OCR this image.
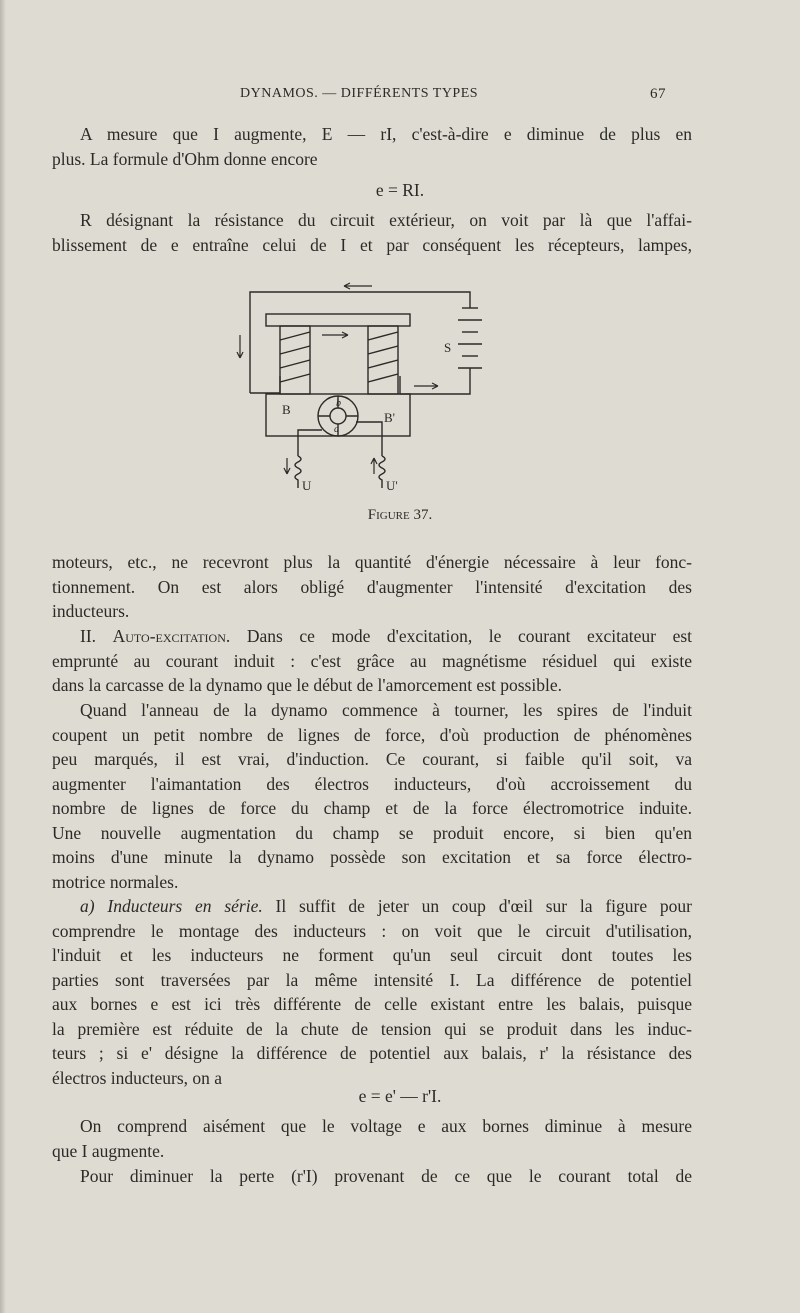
DYNAMOS. — DIFFÉRENTS TYPES	67
A mesure que I augmente, E — rI, c'est-à-dire e diminue de plus en
plus. La formule d'Ohm donne encore
e = RI.
R désignant la résistance du circuit extérieur, on voit par là que l'affai-
blissement de e entraîne celui de I et par conséquent les récepteurs, lampes,
S
B
B'
b
a
U	U'
Figure 37.
moteurs, etc., ne recevront plus la quantité d'énergie nécessaire à leur fonc-
tionnement. On est alors obligé d'augmenter l'intensité d'excitation des
inducteurs.
II. Auto-excitation. Dans ce mode d'excitation, le courant excitateur est
emprunté au courant induit : c'est grâce au magnétisme résiduel qui existe
dans la carcasse de la dynamo que le début de l'amorcement est possible.
Quand l'anneau de la dynamo commence à tourner, les spires de l'induit
coupent un petit nombre de lignes de force, d'où production de phénomènes
peu marqués, il est vrai, d'induction. Ce courant, si faible qu'il soit, va
augmenter l'aimantation des électros inducteurs, d'où accroissement du
nombre de lignes de force du champ et de la force électromotrice induite.
Une nouvelle augmentation du champ se produit encore, si bien qu'en
moins d'une minute la dynamo possède son excitation et sa force électro-
motrice normales.
a) Inducteurs en série. Il suffit de jeter un coup d'œil sur la figure pour
comprendre le montage des inducteurs : on voit que le circuit d'utilisation,
l'induit et les inducteurs ne forment qu'un seul circuit dont toutes les
parties sont traversées par la même intensité I. La différence de potentiel
aux bornes e est ici très différente de celle existant entre les balais, puisque
la première est réduite de la chute de tension qui se produit dans les induc-
teurs ; si e' désigne la différence de potentiel aux balais, r' la résistance des
électros inducteurs, on a
e = e' — r'I.
On comprend aisément que le voltage e aux bornes diminue à mesure
que I augmente.
Pour diminuer la perte (r'I) provenant de ce que le courant total de
